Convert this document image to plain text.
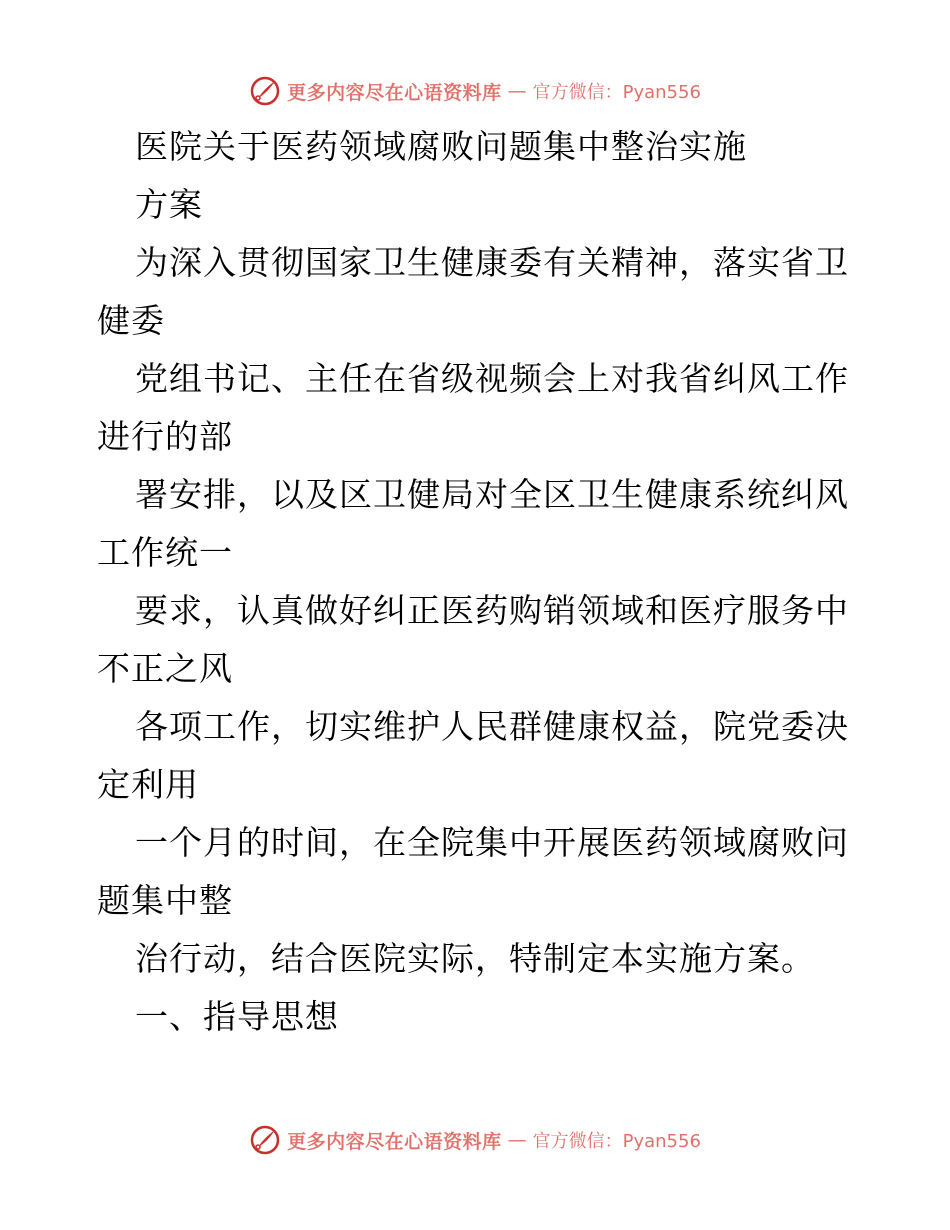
更多内容尽在心语资料库 — 官方微信：Pyan556
医院关于医药领域腐败问题集中整治实施
方案
为深入贯彻国家卫生健康委有关精神，落实省卫
健委
党组书记、主任在省级视频会上对我省纠风工作
进行的部
署安排，以及区卫健局对全区卫生健康系统纠风
工作统一
要求，认真做好纠正医药购销领域和医疗服务中
不正之风
各项工作，切实维护人民群健康权益，院党委决
定利用
一个月的时间，在全院集中开展医药领域腐败问
题集中整
治行动，结合医院实际，特制定本实施方案。
一、指导思想
更多内容尽在心语资料库 — 官方微信：Pyan556
